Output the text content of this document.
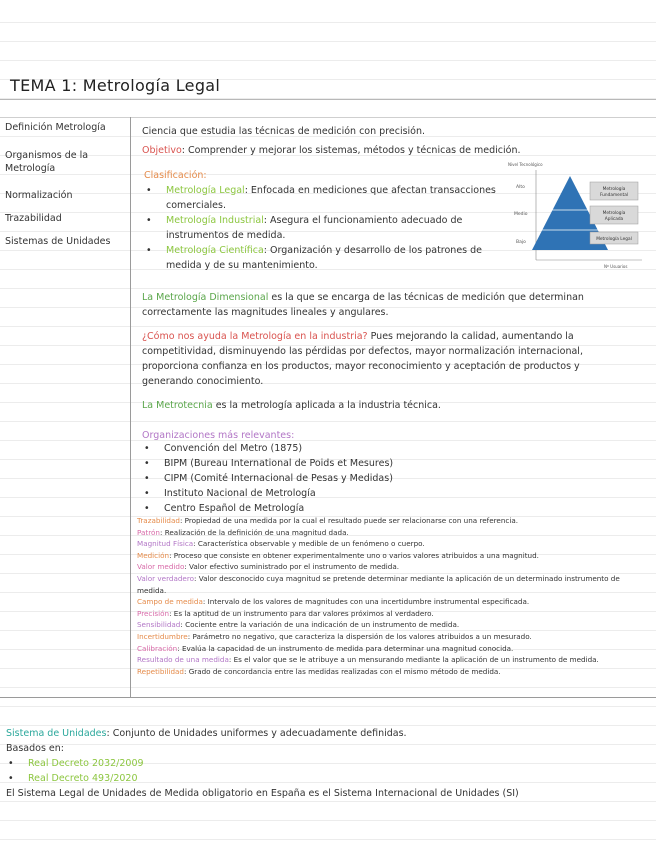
TEMA 1: Metrología Legal
Definición Metrología
Organismos de la Metrología
Normalización
Trazabilidad
Sistemas de Unidades
Ciencia que estudia las técnicas de medición con precisión.
Objetivo: Comprender y mejorar los sistemas, métodos y técnicas de medición.
Clasificación:
• Metrología Legal: Enfocada en mediciones que afectan transacciones comerciales.
• Metrología Industrial: Asegura el funcionamiento adecuado de instrumentos de medida.
• Metrología Científica: Organización y desarrollo de los patrones de medida y de su mantenimiento.
Nivel Tecnológico
Alto
Medio
Bajo
Metrología
Fundamental
Metrología
Aplicada
Metrología Legal
Nº Usuarios
La Metrología Dimensional es la que se encarga de las técnicas de medición que determinan correctamente las magnitudes lineales y angulares.
¿Cómo nos ayuda la Metrología en la industria? Pues mejorando la calidad, aumentando la competitividad, disminuyendo las pérdidas por defectos, mayor normalización internacional, proporciona confianza en los productos, mayor reconocimiento y aceptación de productos y generando conocimiento.
La Metrotecnia es la metrología aplicada a la industria técnica.
Organizaciones más relevantes:
• Convención del Metro (1875)
• BIPM (Bureau International de Poids et Mesures)
• CIPM (Comité Internacional de Pesas y Medidas)
• Instituto Nacional de Metrología
• Centro Español de Metrología
Trazabilidad: Propiedad de una medida por la cual el resultado puede ser relacionarse con una referencia.
Patrón: Realización de la definición de una magnitud dada.
Magnitud Física: Característica observable y medible de un fenómeno o cuerpo.
Medición: Proceso que consiste en obtener experimentalmente uno o varios valores atribuidos a una magnitud.
Valor medido: Valor efectivo suministrado por el instrumento de medida.
Valor verdadero: Valor desconocido cuya magnitud se pretende determinar mediante la aplicación de un determinado instrumento de medida.
Campo de medida: Intervalo de los valores de magnitudes con una incertidumbre instrumental especificada.
Precisión: Es la aptitud de un instrumento para dar valores próximos al verdadero.
Sensibilidad: Cociente entre la variación de una indicación de un instrumento de medida.
Incertidumbre: Parámetro no negativo, que caracteriza la dispersión de los valores atribuidos a un mesurado.
Calibración: Evalúa la capacidad de un instrumento de medida para determinar una magnitud conocida.
Resultado de una medida: Es el valor que se le atribuye a un mensurando mediante la aplicación de un instrumento de medida.
Repetibilidad: Grado de concordancia entre las medidas realizadas con el mismo método de medida.
Sistema de Unidades: Conjunto de Unidades uniformes y adecuadamente definidas.
Basados en:
• Real Decreto 2032/2009
• Real Decreto 493/2020
El Sistema Legal de Unidades de Medida obligatorio en España es el Sistema Internacional de Unidades (SI)
